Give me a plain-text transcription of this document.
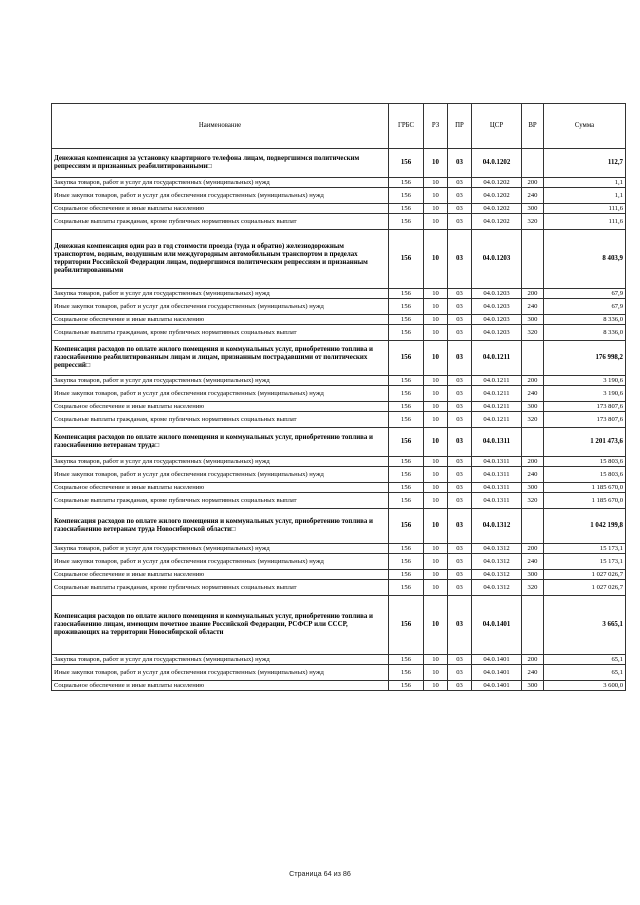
Наименование	ГРБС	РЗ	ПР	ЦСР	ВР	Сумма
Денежная компенсация за установку квартирного телефона лицам, подвергшимся политическим репрессиям и признанных реабилитированными□	156	10	03	04.0.1202		112,7
Закупка товаров, работ и услуг для государственных (муниципальных) нужд	156	10	03	04.0.1202	200	1,1
Иные закупки товаров, работ и услуг для обеспечения государственных (муниципальных) нужд	156	10	03	04.0.1202	240	1,1
Социальное обеспечение и иные выплаты населению	156	10	03	04.0.1202	300	111,6
Социальные выплаты гражданам, кроме публичных нормативных социальных выплат	156	10	03	04.0.1202	320	111,6
Денежная компенсация один раз в год стоимости проезда (туда и обратно) железнодорожным транспортом, водным, воздушным или междугородным автомобильным транспортом в пределах территории Российской Федерации лицам, подвергшимся политическим репрессиям и признанным реабилитированными	156	10	03	04.0.1203		8 403,9
Закупка товаров, работ и услуг для государственных (муниципальных) нужд	156	10	03	04.0.1203	200	67,9
Иные закупки товаров, работ и услуг для обеспечения государственных (муниципальных) нужд	156	10	03	04.0.1203	240	67,9
Социальное обеспечение и иные выплаты населению	156	10	03	04.0.1203	300	8 336,0
Социальные выплаты гражданам, кроме публичных нормативных социальных выплат	156	10	03	04.0.1203	320	8 336,0
Компенсация расходов по оплате жилого помещения и коммунальных услуг, приобретению топлива и газоснабжению реабилитированным лицам и лицам, признанным пострадавшими от политических репрессий□	156	10	03	04.0.1211		176 998,2
Закупка товаров, работ и услуг для государственных (муниципальных) нужд	156	10	03	04.0.1211	200	3 190,6
Иные закупки товаров, работ и услуг для обеспечения государственных (муниципальных) нужд	156	10	03	04.0.1211	240	3 190,6
Социальное обеспечение и иные выплаты населению	156	10	03	04.0.1211	300	173 807,6
Социальные выплаты гражданам, кроме публичных нормативных социальных выплат	156	10	03	04.0.1211	320	173 807,6
Компенсация расходов по оплате жилого помещения и коммунальных услуг, приобретению топлива и газоснабжению ветеранам труда□	156	10	03	04.0.1311		1 201 473,6
Закупка товаров, работ и услуг для государственных (муниципальных) нужд	156	10	03	04.0.1311	200	15 803,6
Иные закупки товаров, работ и услуг для обеспечения государственных (муниципальных) нужд	156	10	03	04.0.1311	240	15 803,6
Социальное обеспечение и иные выплаты населению	156	10	03	04.0.1311	300	1 185 670,0
Социальные выплаты гражданам, кроме публичных нормативных социальных выплат	156	10	03	04.0.1311	320	1 185 670,0
Компенсация расходов по оплате жилого помещения и коммунальных услуг, приобретению топлива и газоснабжению ветеранам труда Новосибирской области□	156	10	03	04.0.1312		1 042 199,8
Закупка товаров, работ и услуг для государственных (муниципальных) нужд	156	10	03	04.0.1312	200	15 173,1
Иные закупки товаров, работ и услуг для обеспечения государственных (муниципальных) нужд	156	10	03	04.0.1312	240	15 173,1
Социальное обеспечение и иные выплаты населению	156	10	03	04.0.1312	300	1 027 026,7
Социальные выплаты гражданам, кроме публичных нормативных социальных выплат	156	10	03	04.0.1312	320	1 027 026,7
Компенсация расходов по оплате жилого помещения и коммунальных услуг, приобретению топлива и газоснабжению лицам, имеющим почетное звание Российской Федерации, РСФСР или СССР, проживающих на территории Новосибирской области	156	10	03	04.0.1401		3 665,1
Закупка товаров, работ и услуг для государственных (муниципальных) нужд	156	10	03	04.0.1401	200	65,1
Иные закупки товаров, работ и услуг для обеспечения государственных (муниципальных) нужд	156	10	03	04.0.1401	240	65,1
Социальное обеспечение и иные выплаты населению	156	10	03	04.0.1401	300	3 600,0
Страница 64 из 86
